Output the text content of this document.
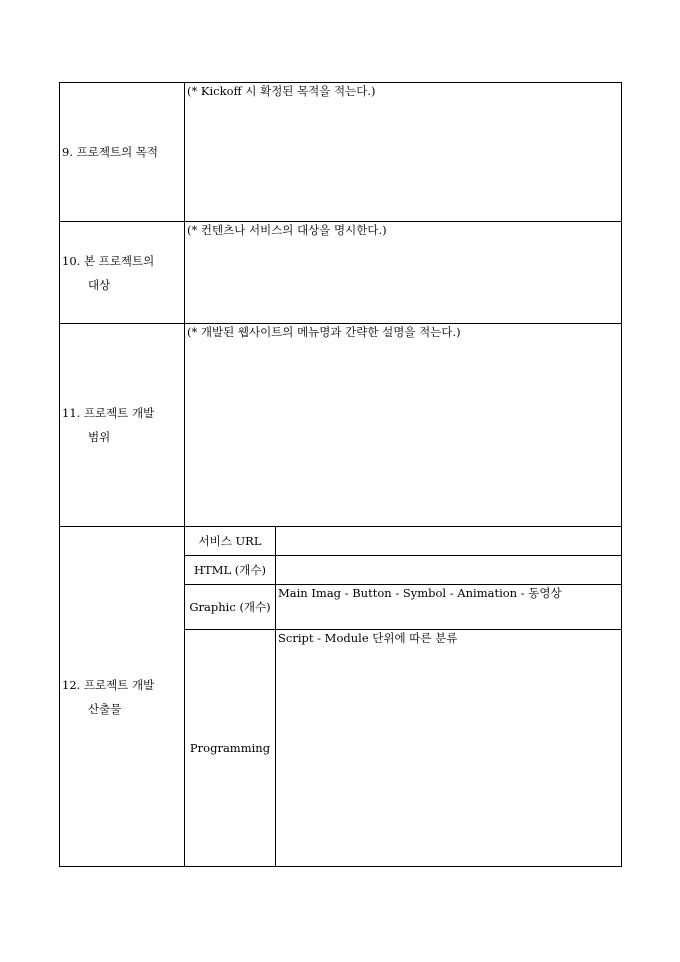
9. 프로젝트의 목적	(* Kickoff 시 확정된 목적을 적는다.)	
10. 본 프로젝트의
대상	(* 컨텐츠나 서비스의 대상을 명시한다.)	
11. 프로젝트 개발
범위	(* 개발된 웹사이트의 메뉴명과 간략한 설명을 적는다.)	
12. 프로젝트 개발
산출물	서비스 URL	
	HTML (개수)	
	Graphic (개수)	Main Imag - Button - Symbol - Animation - 동영상
	Programming	Script - Module 단위에 따른 분류
